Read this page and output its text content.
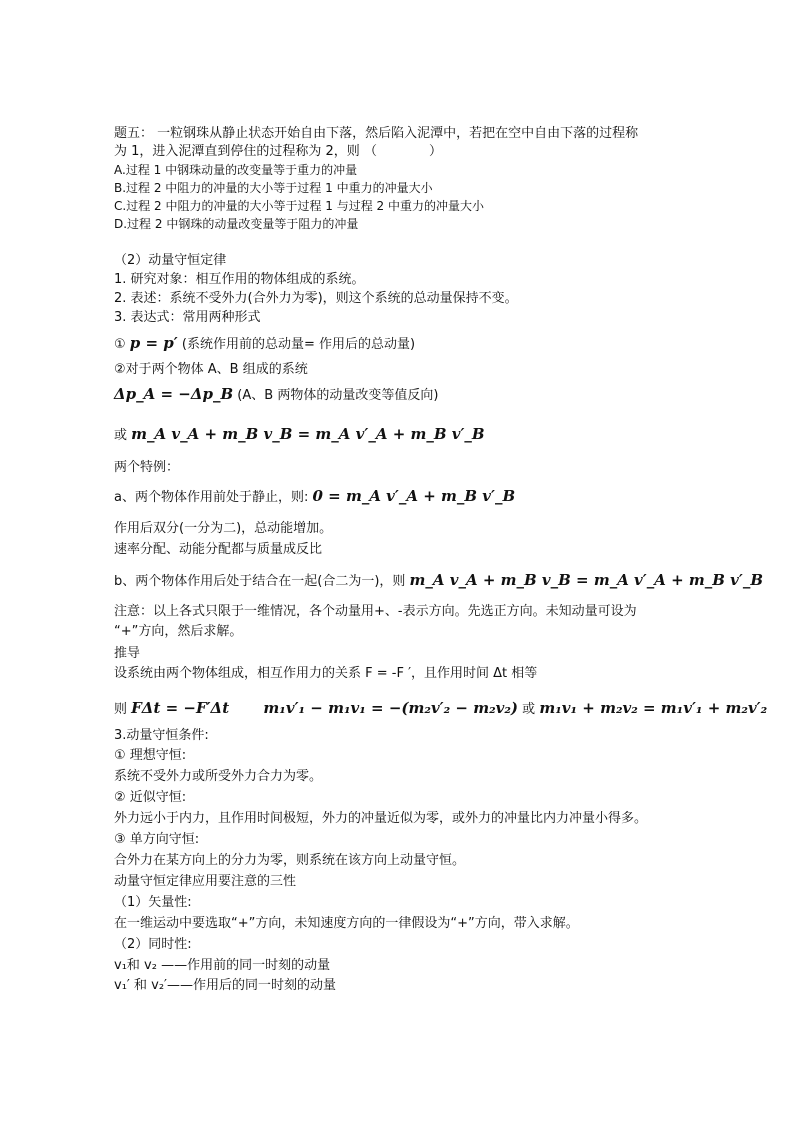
题五： 一粒钢珠从静止状态开始自由下落，然后陷入泥潭中，若把在空中自由下落的过程称
为 1，进入泥潭直到停住的过程称为 2，则 （　　　　）
A.过程 1 中钢珠动量的改变量等于重力的冲量
B.过程 2 中阻力的冲量的大小等于过程 1 中重力的冲量大小
C.过程 2 中阻力的冲量的大小等于过程 1 与过程 2 中重力的冲量大小
D.过程 2 中钢珠的动量改变量等于阻力的冲量
（2）动量守恒定律
1. 研究对象：相互作用的物体组成的系统。
2. 表述：系统不受外力(合外力为零)，则这个系统的总动量保持不变。
3. 表达式：常用两种形式
① p = p′ (系统作用前的总动量= 作用后的总动量)
②对于两个物体 A、B 组成的系统
Δp_A = −Δp_B (A、B 两物体的动量改变等值反向)
或 m_A v_A + m_B v_B = m_A v′_A + m_B v′_B
两个特例：
a、两个物体作用前处于静止，则: 0 = m_A v′_A + m_B v′_B
作用后双分(一分为二)，总动能增加。
速率分配、动能分配都与质量成反比
b、两个物体作用后处于结合在一起(合二为一)，则 m_A v_A + m_B v_B = m_A v′_A + m_B v′_B
注意：以上各式只限于一维情况，各个动量用+、-表示方向。先选正方向。未知动量可设为
“+”方向，然后求解。
推导
设系统由两个物体组成，相互作用力的关系 F = -F ′，且作用时间 Δt 相等
则 FΔt = −F′Δt m₁v′₁ − m₁v₁ = −(m₂v′₂ − m₂v₂) 或 m₁v₁ + m₂v₂ = m₁v′₁ + m₂v′₂
3.动量守恒条件:
① 理想守恒:
系统不受外力或所受外力合力为零。
② 近似守恒:
外力远小于内力，且作用时间极短，外力的冲量近似为零，或外力的冲量比内力冲量小得多。
③ 单方向守恒:
合外力在某方向上的分力为零，则系统在该方向上动量守恒。
动量守恒定律应用要注意的三性
（1）矢量性:
在一维运动中要选取“+”方向，未知速度方向的一律假设为“+”方向，带入求解。
（2）同时性:
v₁和 v₂ ——作用前的同一时刻的动量
v₁′ 和 v₂′——作用后的同一时刻的动量
